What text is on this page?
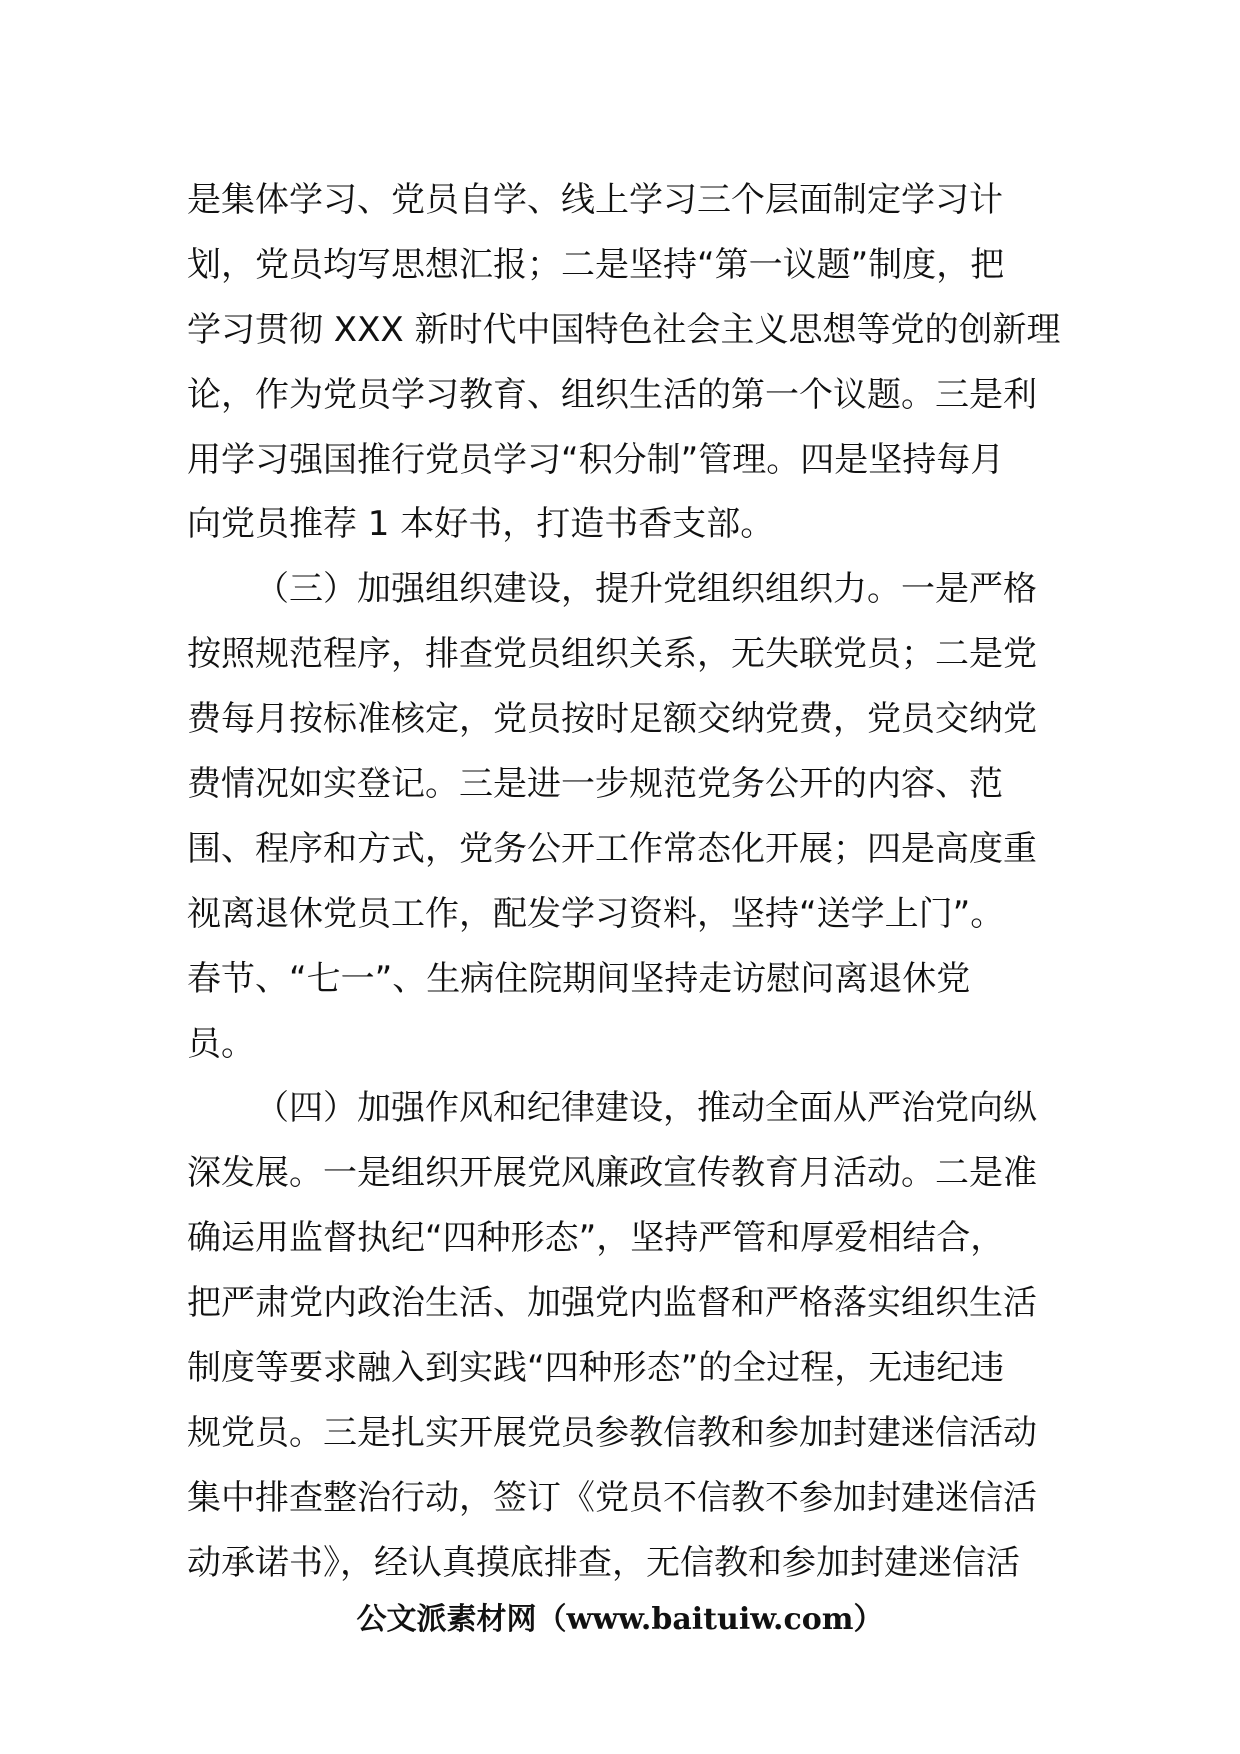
是集体学习、党员自学、线上学习三个层面制定学习计
划，党员均写思想汇报；二是坚持“第一议题”制度，把
学习贯彻 XXX 新时代中国特色社会主义思想等党的创新理
论，作为党员学习教育、组织生活的第一个议题。三是利
用学习强国推行党员学习“积分制”管理。四是坚持每月
向党员推荐 1 本好书，打造书香支部。
（三）加强组织建设，提升党组织组织力。一是严格
按照规范程序，排查党员组织关系，无失联党员；二是党
费每月按标准核定，党员按时足额交纳党费，党员交纳党
费情况如实登记。三是进一步规范党务公开的内容、范
围、程序和方式，党务公开工作常态化开展；四是高度重
视离退休党员工作，配发学习资料，坚持“送学上门”。
春节、“七一”、生病住院期间坚持走访慰问离退休党
员。
（四）加强作风和纪律建设，推动全面从严治党向纵
深发展。一是组织开展党风廉政宣传教育月活动。二是准
确运用监督执纪“四种形态”，坚持严管和厚爱相结合，
把严肃党内政治生活、加强党内监督和严格落实组织生活
制度等要求融入到实践“四种形态”的全过程，无违纪违
规党员。三是扎实开展党员参教信教和参加封建迷信活动
集中排查整治行动，签订《党员不信教不参加封建迷信活
动承诺书》，经认真摸底排查，无信教和参加封建迷信活
公文派素材网（www.baituiw.com）
